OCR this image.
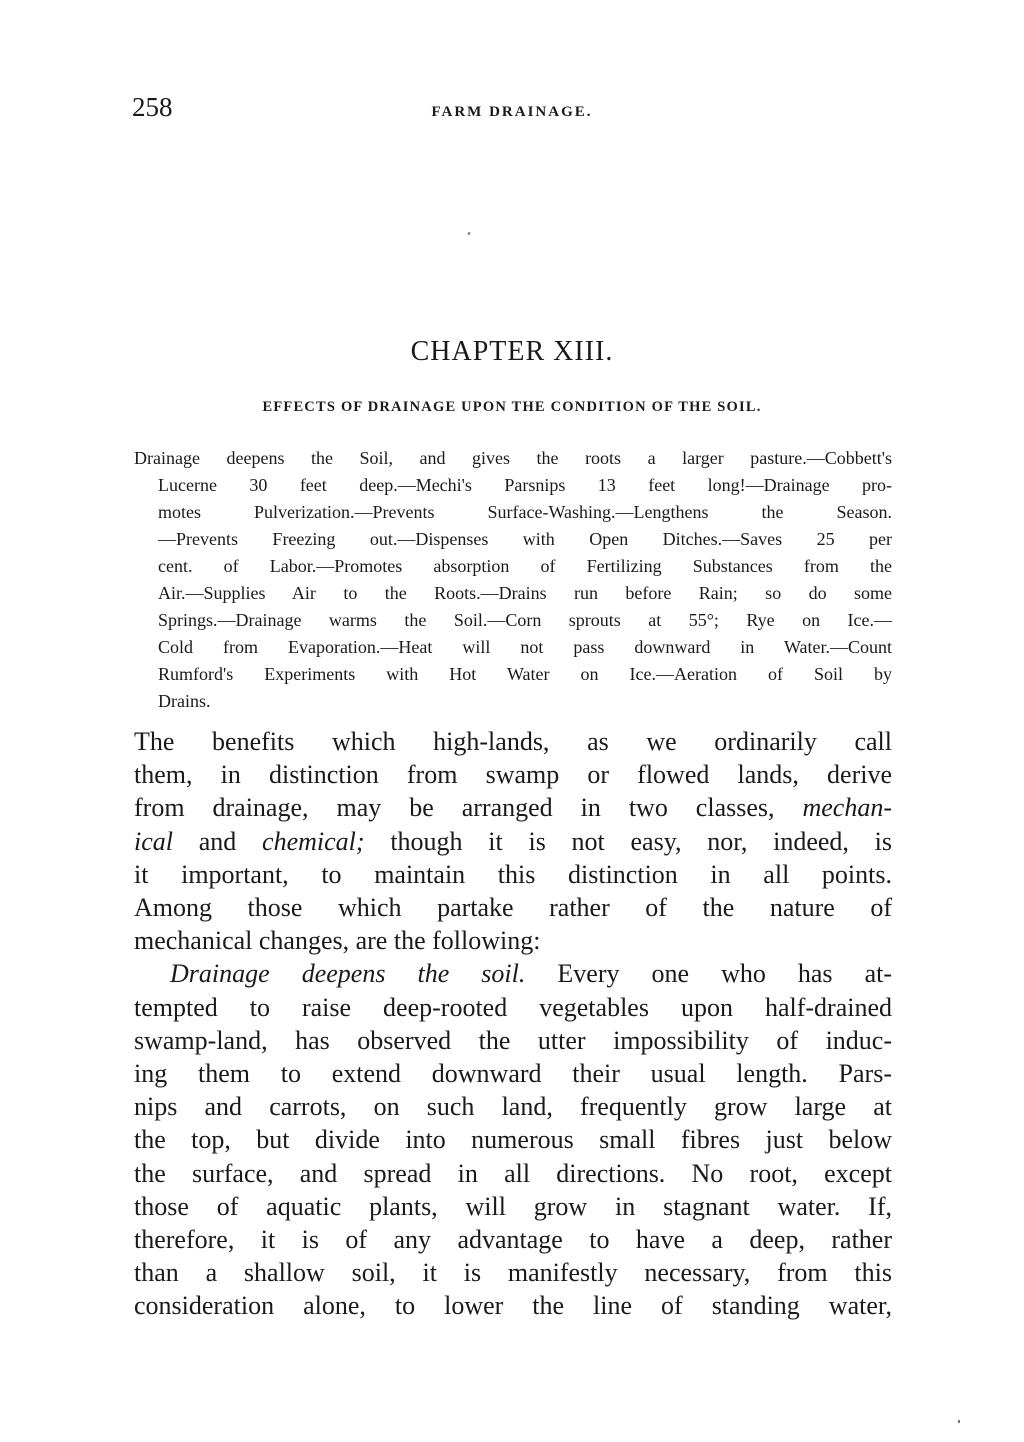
258	FARM DRAINAGE.
CHAPTER XIII.
EFFECTS OF DRAINAGE UPON THE CONDITION OF THE SOIL.
Drainage deepens the Soil, and gives the roots a larger pasture.—Cobbett's
Lucerne 30 feet deep.—Mechi's Parsnips 13 feet long!—Drainage pro-
motes Pulverization.—Prevents Surface-Washing.—Lengthens the Season.
—Prevents Freezing out.—Dispenses with Open Ditches.—Saves 25 per
cent. of Labor.—Promotes absorption of Fertilizing Substances from the
Air.—Supplies Air to the Roots.—Drains run before Rain; so do some
Springs.—Drainage warms the Soil.—Corn sprouts at 55°; Rye on Ice.—
Cold from Evaporation.—Heat will not pass downward in Water.—Count
Rumford's Experiments with Hot Water on Ice.—Aeration of Soil by
Drains.
The benefits which high-lands, as we ordinarily call
them, in distinction from swamp or flowed lands, derive
from drainage, may be arranged in two classes, mechan-
ical and chemical; though it is not easy, nor, indeed, is
it important, to maintain this distinction in all points.
Among those which partake rather of the nature of
mechanical changes, are the following:
Drainage deepens the soil. Every one who has at-
tempted to raise deep-rooted vegetables upon half-drained
swamp-land, has observed the utter impossibility of induc-
ing them to extend downward their usual length. Pars-
nips and carrots, on such land, frequently grow large at
the top, but divide into numerous small fibres just below
the surface, and spread in all directions. No root, except
those of aquatic plants, will grow in stagnant water. If,
therefore, it is of any advantage to have a deep, rather
than a shallow soil, it is manifestly necessary, from this
consideration alone, to lower the line of standing water,
